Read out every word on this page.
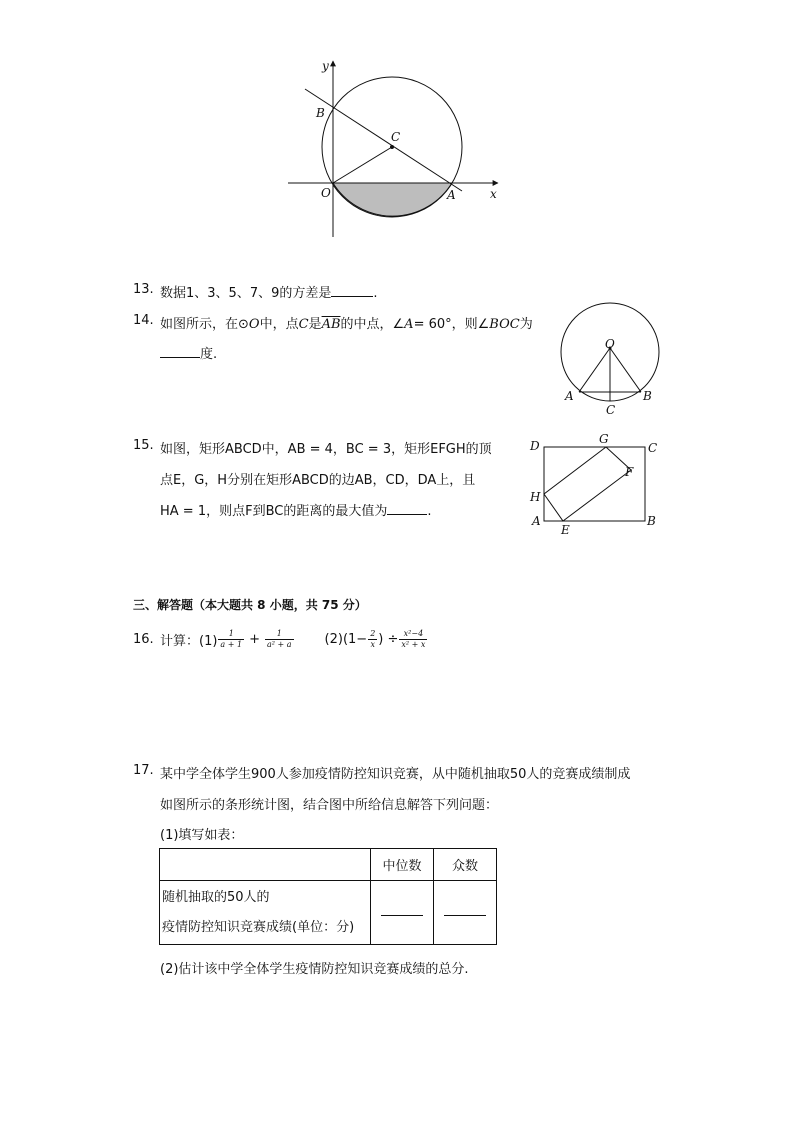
y
x
B
C
O	A
13. 数据1、3、5、7、9的方差是	.
14. 如图所示，在⊙O中，点C是$\overline{AB}$的中点，∠A= 60°，则∠BOC为
度.
O
A	B
C
15. 如图，矩形ABCD中，AB = 4，BC = 3，矩形EFGH的顶
点E，G，H分别在矩形ABCD的边AB，CD，DA上，且
HA = 1，则点F到BC的距离的最大值为	.
D	G
C
F
H
A
E
B
三、解答题（本大题共 8 小题，共 75 分）
16. 计算：$(1) \frac{1}{a + 1} + \frac{1}{\text{a² + a}} (2)(1- \frac{2}{x}$ ) ÷ $\frac{\text{x²−4}}{\text{x² + x}}$
17. 某中学全体学生900人参加疫情防控知识竞赛，从中随机抽取50人的竞赛成绩制成
如图所示的条形统计图，结合图中所给信息解答下列问题：
(1)填写如表：
	中位数	众数

随机抽取的50人的
疫情防控知识竞赛成绩(单位：分)		

(2)估计该中学全体学生疫情防控知识竞赛成绩的总分.
